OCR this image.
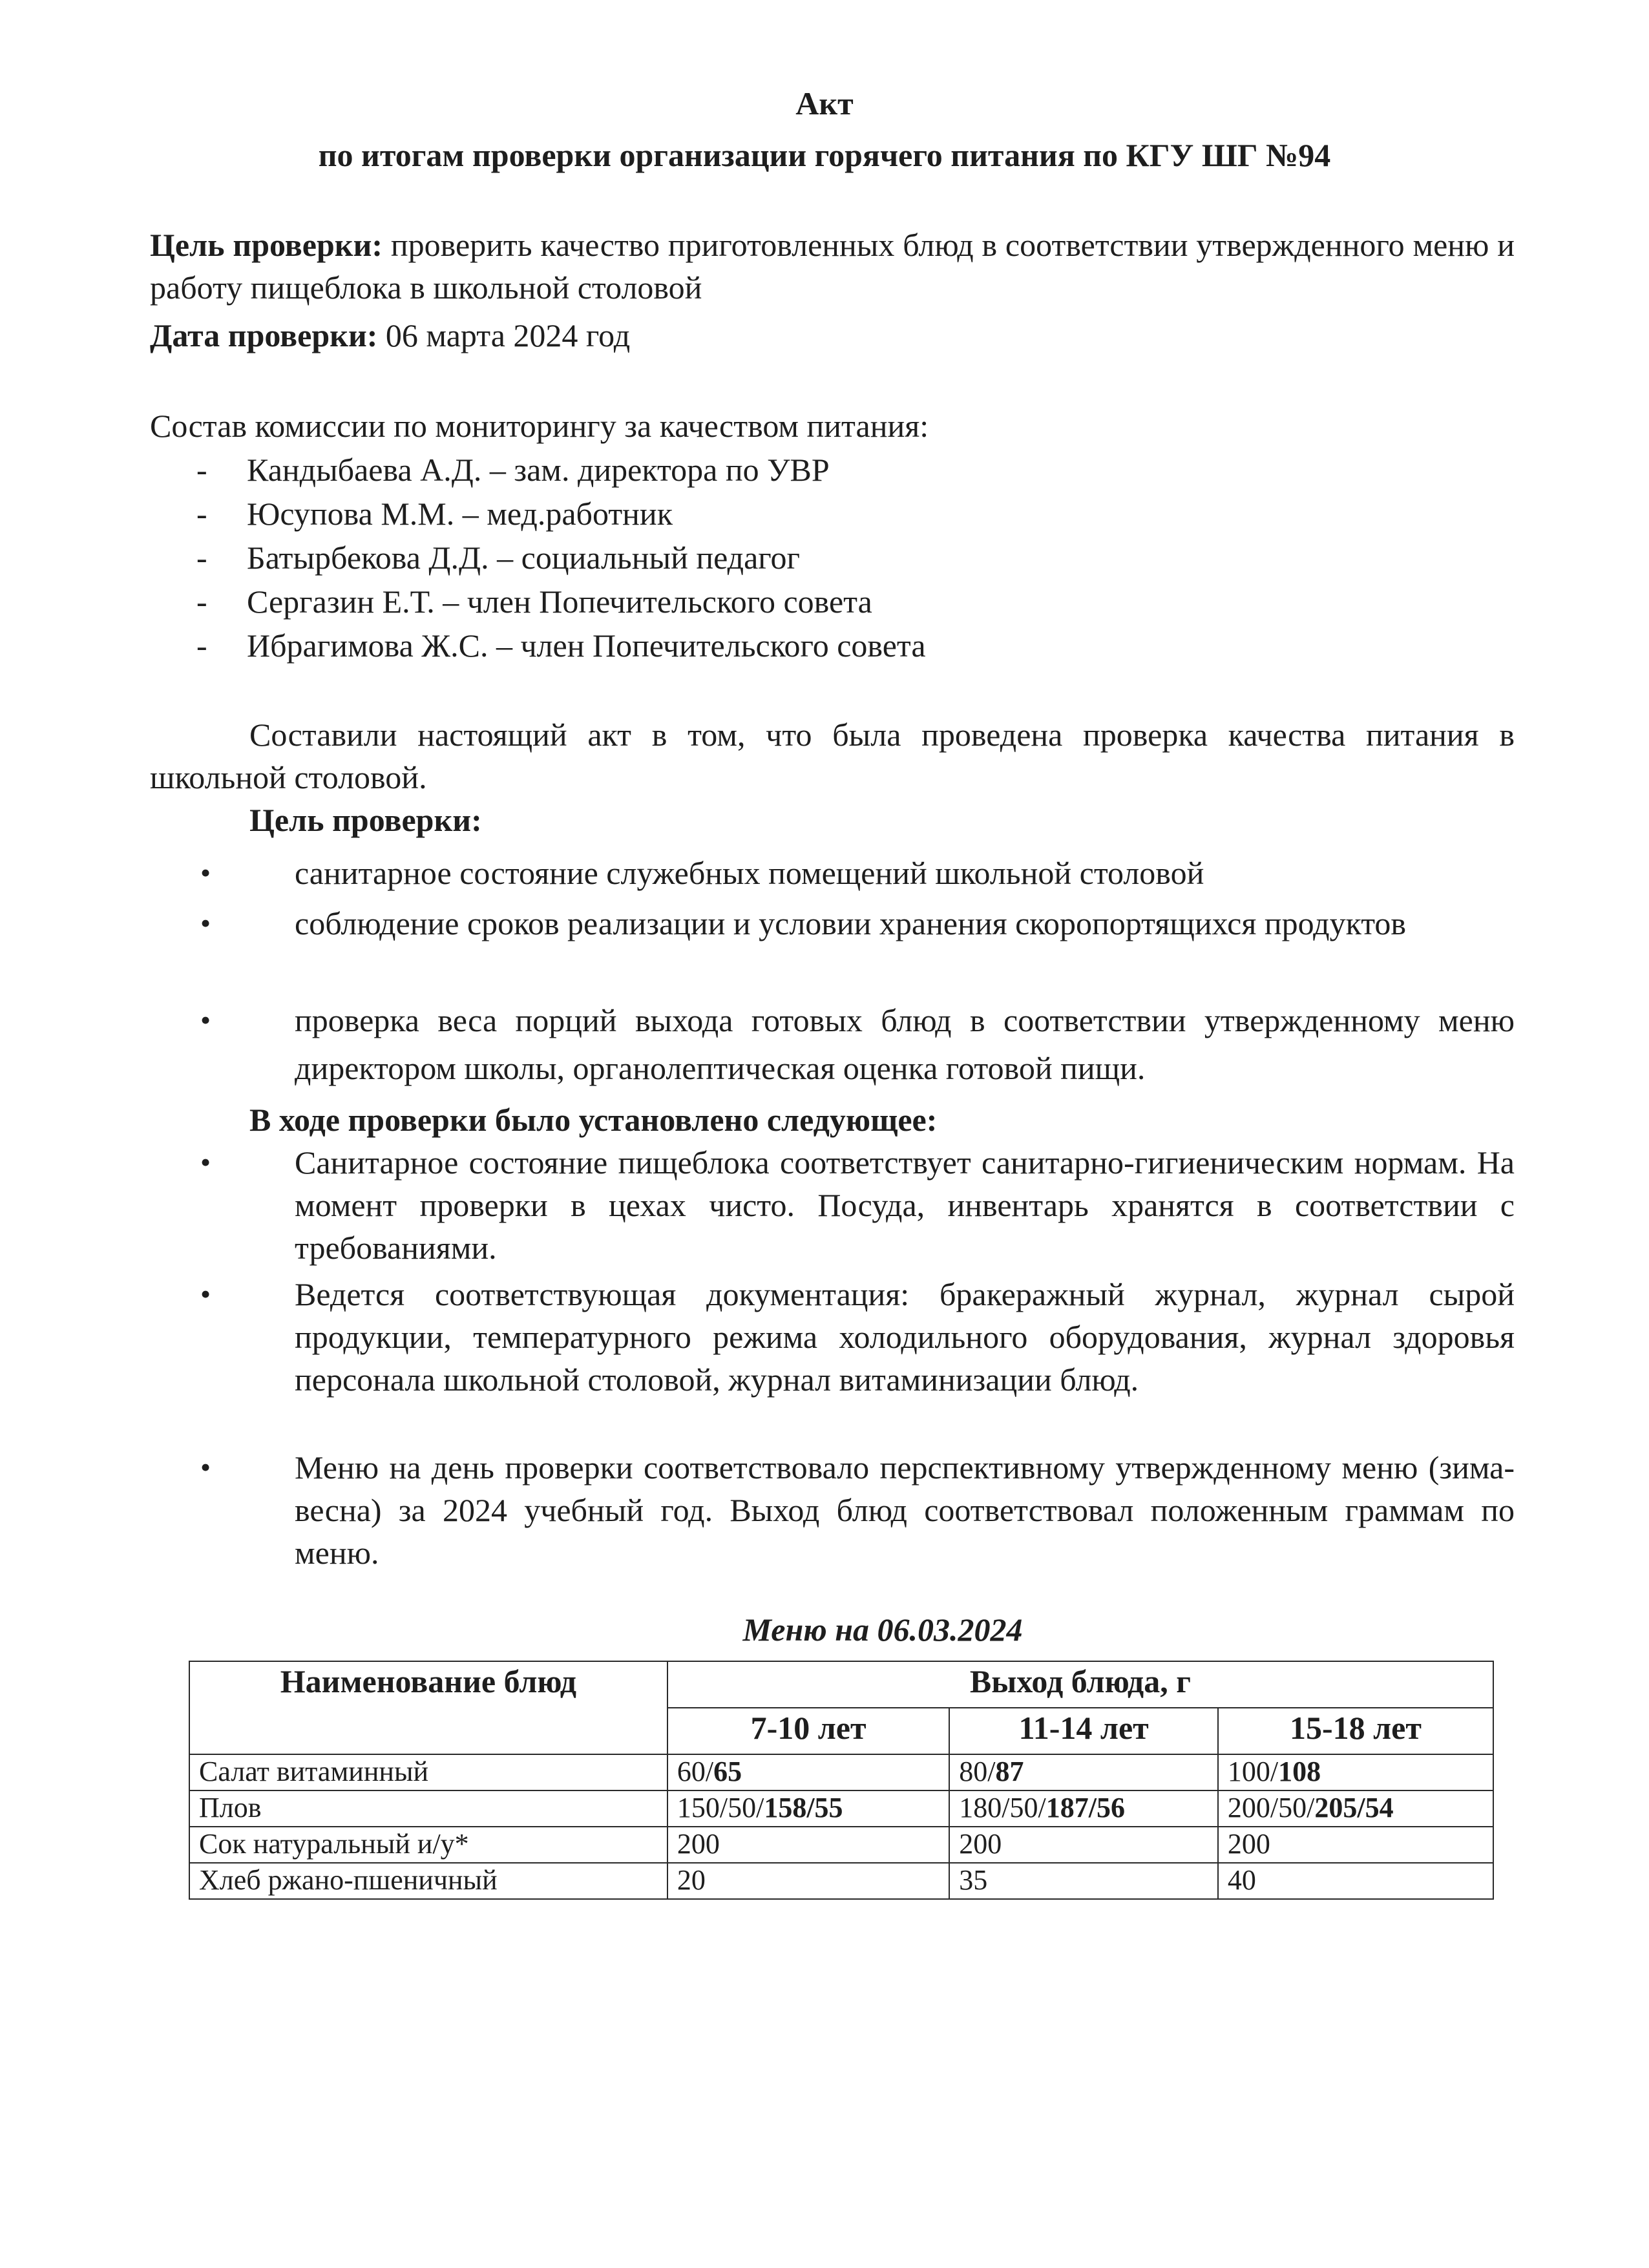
Акт
по итогам проверки организации горячего питания по КГУ ШГ №94
Цель проверки: проверить качество приготовленных блюд в соответствии утвержденного меню и работу пищеблока в школьной столовой
Дата проверки: 06 марта 2024 год
Состав комиссии по мониторингу за качеством питания:
- Кандыбаева А.Д. – зам. директора по УВР
- Юсупова М.М. – мед.работник
- Батырбекова Д.Д. – социальный педагог
- Сергазин Е.Т. – член Попечительского совета
- Ибрагимова Ж.С. – член Попечительского совета
Составили настоящий акт в том, что была проведена проверка качества питания в школьной столовой.
Цель проверки:
•	санитарное состояние служебных помещений школьной столовой
•	соблюдение сроков реализации и условии хранения скоропортящихся продуктов
•	проверка веса порций выхода готовых блюд в соответствии утвержденному меню директором школы, органолептическая оценка готовой пищи.
В ходе проверки было установлено следующее:
•	Санитарное состояние пищеблока соответствует санитарно-гигиеническим нормам. На момент проверки в цехах чисто. Посуда, инвентарь хранятся в соответствии с требованиями.
•	Ведется соответствующая документация: бракеражный журнал, журнал сырой продукции, температурного режима холодильного оборудования, журнал здоровья персонала школьной столовой, журнал витаминизации блюд.
•	Меню на день проверки соответствовало перспективному утвержденному меню (зима-весна) за 2024 учебный год. Выход блюд соответствовал положенным граммам по меню.
Меню на 06.03.2024
Наименование блюд	Выход блюда, г		
	7-10 лет	11-14 лет	15-18 лет
Салат витаминный	60/65	80/87	100/108
Плов	150/50/158/55	180/50/187/56	200/50/205/54
Сок натуральный и/у*	200	200	200
Хлеб ржано-пшеничный	20	35	40
